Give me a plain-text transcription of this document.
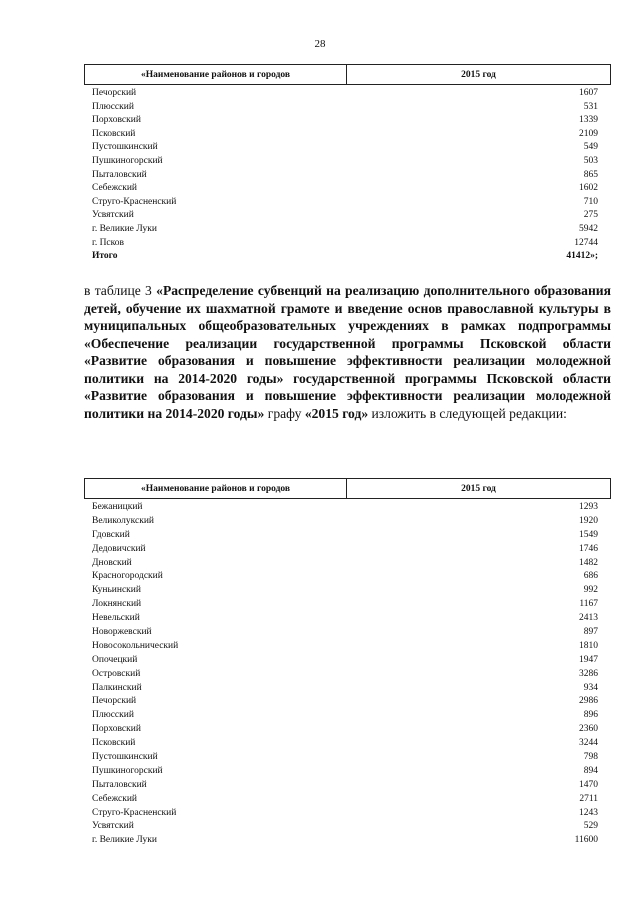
28
«Наименование районов и городов	2015 год
Печорский	1607
Плюсский	531
Порховский	1339
Псковский	2109
Пустошкинский	549
Пушкиногорский	503
Пыталовский	865
Себежский	1602
Струго-Красненский	710
Усвятский	275
г. Великие Луки	5942
г. Псков	12744
Итого	41412»;
в таблице 3 «Распределение субвенций на реализацию дополнительного образования детей, обучение их шахматной грамоте и введение основ православной культуры в муниципальных общеобразовательных учреждениях в рамках подпрограммы «Обеспечение реализации государственной программы Псковской области «Развитие образования и повышение эффективности реализации молодежной политики на 2014-2020 годы» государственной программы Псковской области «Развитие образования и повышение эффективности реализации молодежной политики на 2014-2020 годы» графу «2015 год» изложить в следующей редакции:
«Наименование районов и городов	2015 год
Бежаницкий	1293
Великолукский	1920
Гдовский	1549
Дедовичский	1746
Дновский	1482
Красногородский	686
Куньинский	992
Локнянский	1167
Невельский	2413
Новоржевский	897
Новосокольнический	1810
Опочецкий	1947
Островский	3286
Палкинский	934
Печорский	2986
Плюсский	896
Порховский	2360
Псковский	3244
Пустошкинский	798
Пушкиногорский	894
Пыталовский	1470
Себежский	2711
Струго-Красненский	1243
Усвятский	529
г. Великие Луки	11600
